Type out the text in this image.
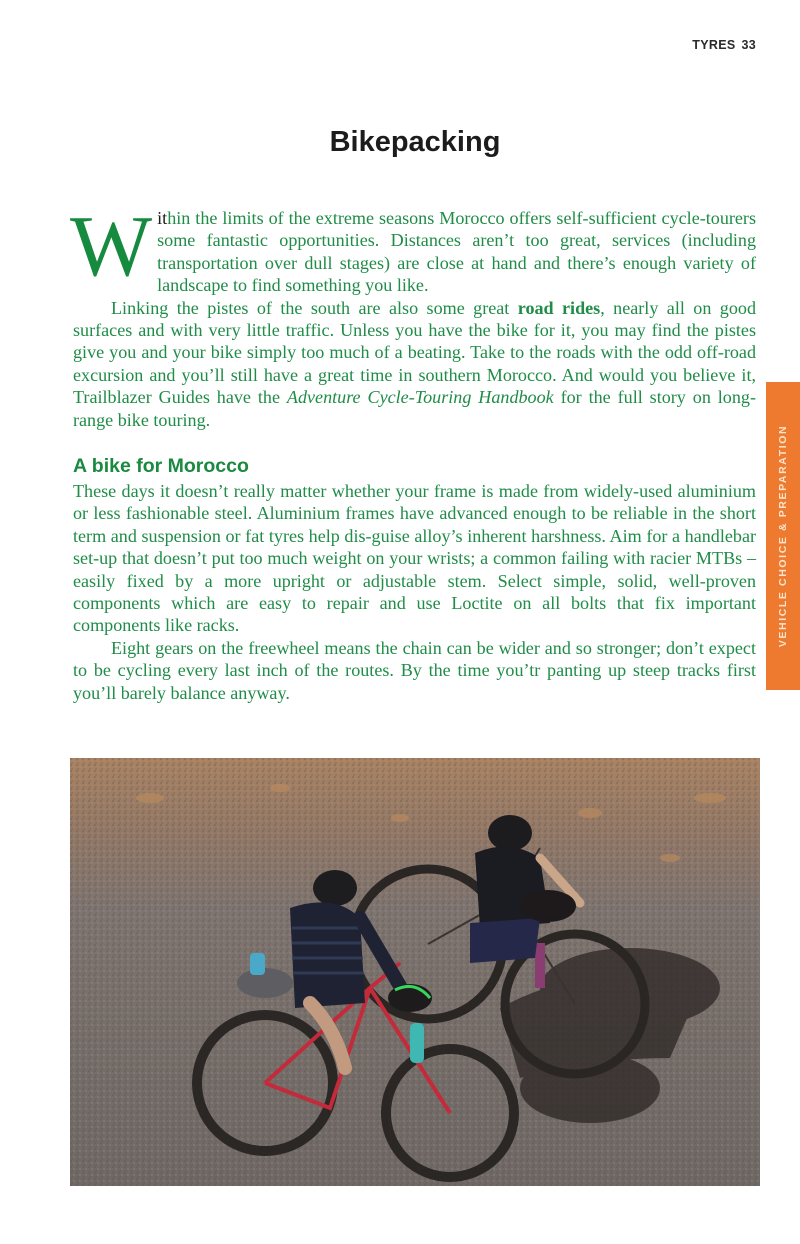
TYRES 33
Bikepacking

Within the limits of the extreme seasons Morocco offers self-sufficient cycle-tourers some fantastic opportunities. Distances aren’t too great, services (including transportation over dull stages) are close at hand and there’s enough variety of landscape to find something you like.

Linking the pistes of the south are also some great road rides, nearly all on good surfaces and with very little traffic. Unless you have the bike for it, you may find the pistes give you and your bike simply too much of a beating. Take to the roads with the odd off-road excursion and you’ll still have a great time in southern Morocco. And would you believe it, Trailblazer Guides have the Adventure Cycle-Touring Handbook for the full story on long-range bike touring.

A bike for Morocco

These days it doesn’t really matter whether your frame is made from widely-used aluminium or less fashionable steel. Aluminium frames have advanced enough to be reliable in the short term and suspension or fat tyres help dis-guise alloy’s inherent harshness. Aim for a handlebar set-up that doesn’t put too much weight on your wrists; a common failing with racier MTBs – easily fixed by a more upright or adjustable stem. Select simple, solid, well-proven components which are easy to repair and use Loctite on all bolts that fix important components like racks.

Eight gears on the freewheel means the chain can be wider and so stronger; don’t expect to be cycling every last inch of the routes. By the time you’tr panting up steep tracks first you’ll barely balance anyway.

VEHICLE CHOICE & PREPARATION
